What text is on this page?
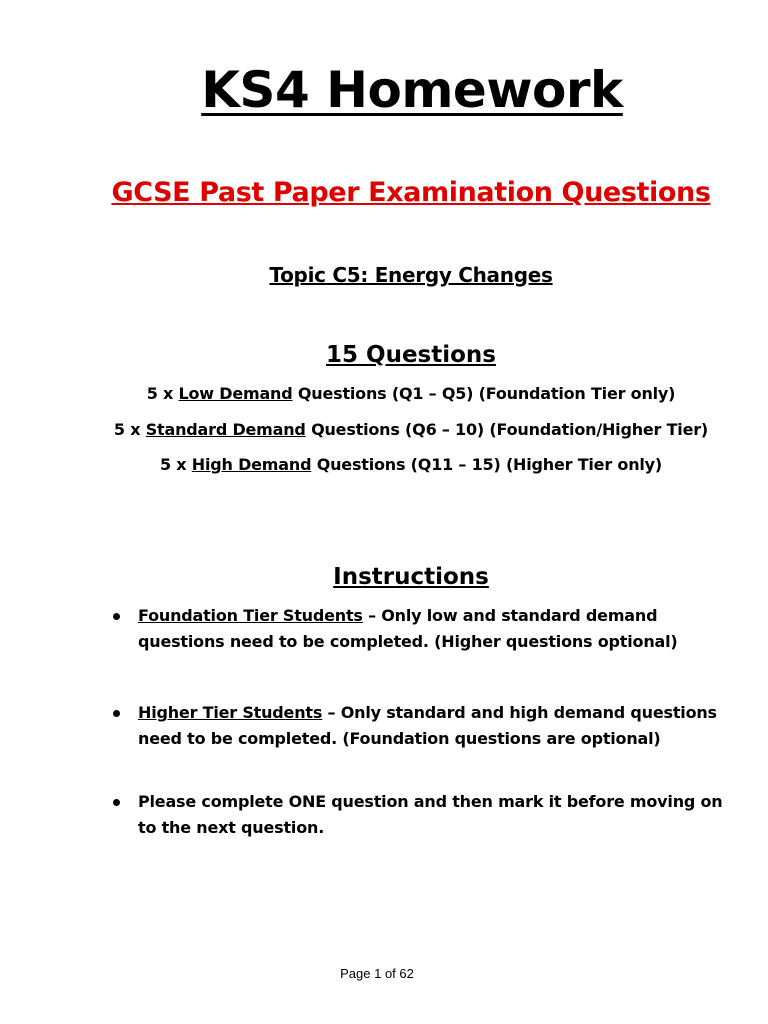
KS4 Homework
GCSE Past Paper Examination Questions
Topic C5: Energy Changes
15 Questions
5 x Low Demand Questions (Q1 – Q5) (Foundation Tier only)
5 x Standard Demand Questions (Q6 – 10) (Foundation/Higher Tier)
5 x High Demand Questions (Q11 – 15) (Higher Tier only)
Instructions
Foundation Tier Students – Only low and standard demand questions need to be completed. (Higher questions optional)
Higher Tier Students – Only standard and high demand questions need to be completed. (Foundation questions are optional)
Please complete ONE question and then mark it before moving on to the next question.
Page 1 of 62
